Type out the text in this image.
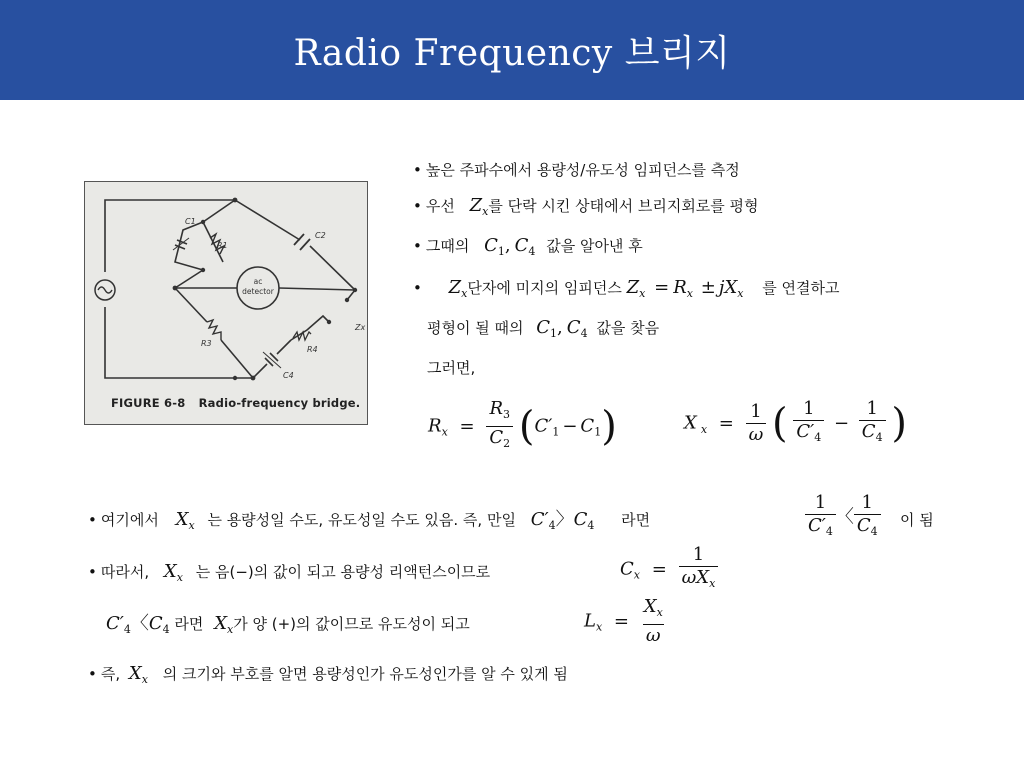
Radio Frequency 브리지
ac
detector
C1
R1
C2
R3
R4
C4
Zx
FIGURE 6-8 Radio-frequency bridge.
• 높은 주파수에서 용량성/유도성 임피던스를 측정
• 우선 $Z_x$를 단락 시킨 상태에서 브리지회로를 평형
• 그때의 $C_1$, $C_4$ 값을 알아낸 후
• $Z_x$단자에 미지의 임피던스 $Z_x = R_x \pm jX_x$ 를 연결하고
평형이 될 때의 $C_1$, $C_4$ 값을 찾음
그러면,
$R_x = \frac{R_3}{C_2} (C'_1 - C_1)$	X $_x = \frac{1}{\omega}$ ( $\frac{1}{C'_4} - \frac{1}{C_4}$ )
• 여기에서 $X_x$ 는 용량성일 수도, 유도성일 수도 있음. 즉, 만일 $C'_4$〉$C_4$ 라면	$\frac{1}{C'_4}$ 〈 $\frac{1}{C_4}$ 이 됨
• 따라서, $X_x$ 는 음(−)의 값이 되고 용량성 리액턴스이므로	$C_x = \frac{1}{\omega X_x}$
$C'_4$〈$C_4$ 라면 $X_x$가 양 (+)의 값이므로 유도성이 되고	$L_x = \frac{X_x}{\omega}$
• 즉, $X_x$ 의 크기와 부호를 알면 용량성인가 유도성인가를 알 수 있게 됨
